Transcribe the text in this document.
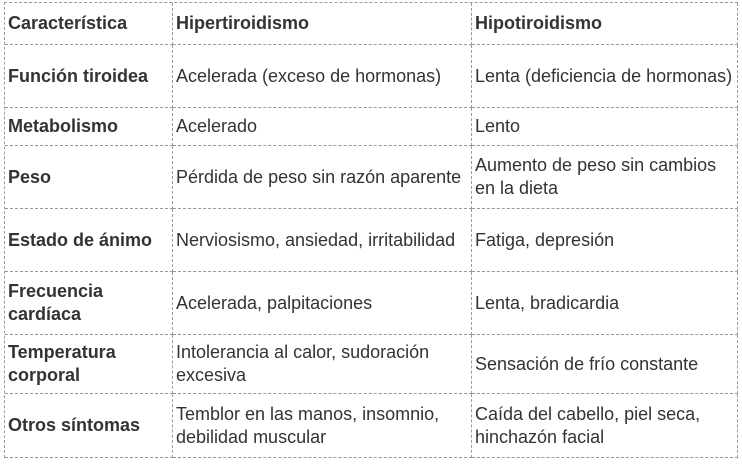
Característica	Hipertiroidismo	Hipotiroidismo
Función tiroidea	Acelerada (exceso de hormonas)	Lenta (deficiencia de hormonas)
Metabolismo	Acelerado	Lento
Peso	Pérdida de peso sin razón aparente	Aumento de peso sin cambios en la dieta
Estado de ánimo	Nerviosismo, ansiedad, irritabilidad	Fatiga, depresión
Frecuencia cardíaca	Acelerada, palpitaciones	Lenta, bradicardia
Temperatura corporal	Intolerancia al calor, sudoración excesiva	Sensación de frío constante
Otros síntomas	Temblor en las manos, insomnio, debilidad muscular	Caída del cabello, piel seca, hinchazón facial
